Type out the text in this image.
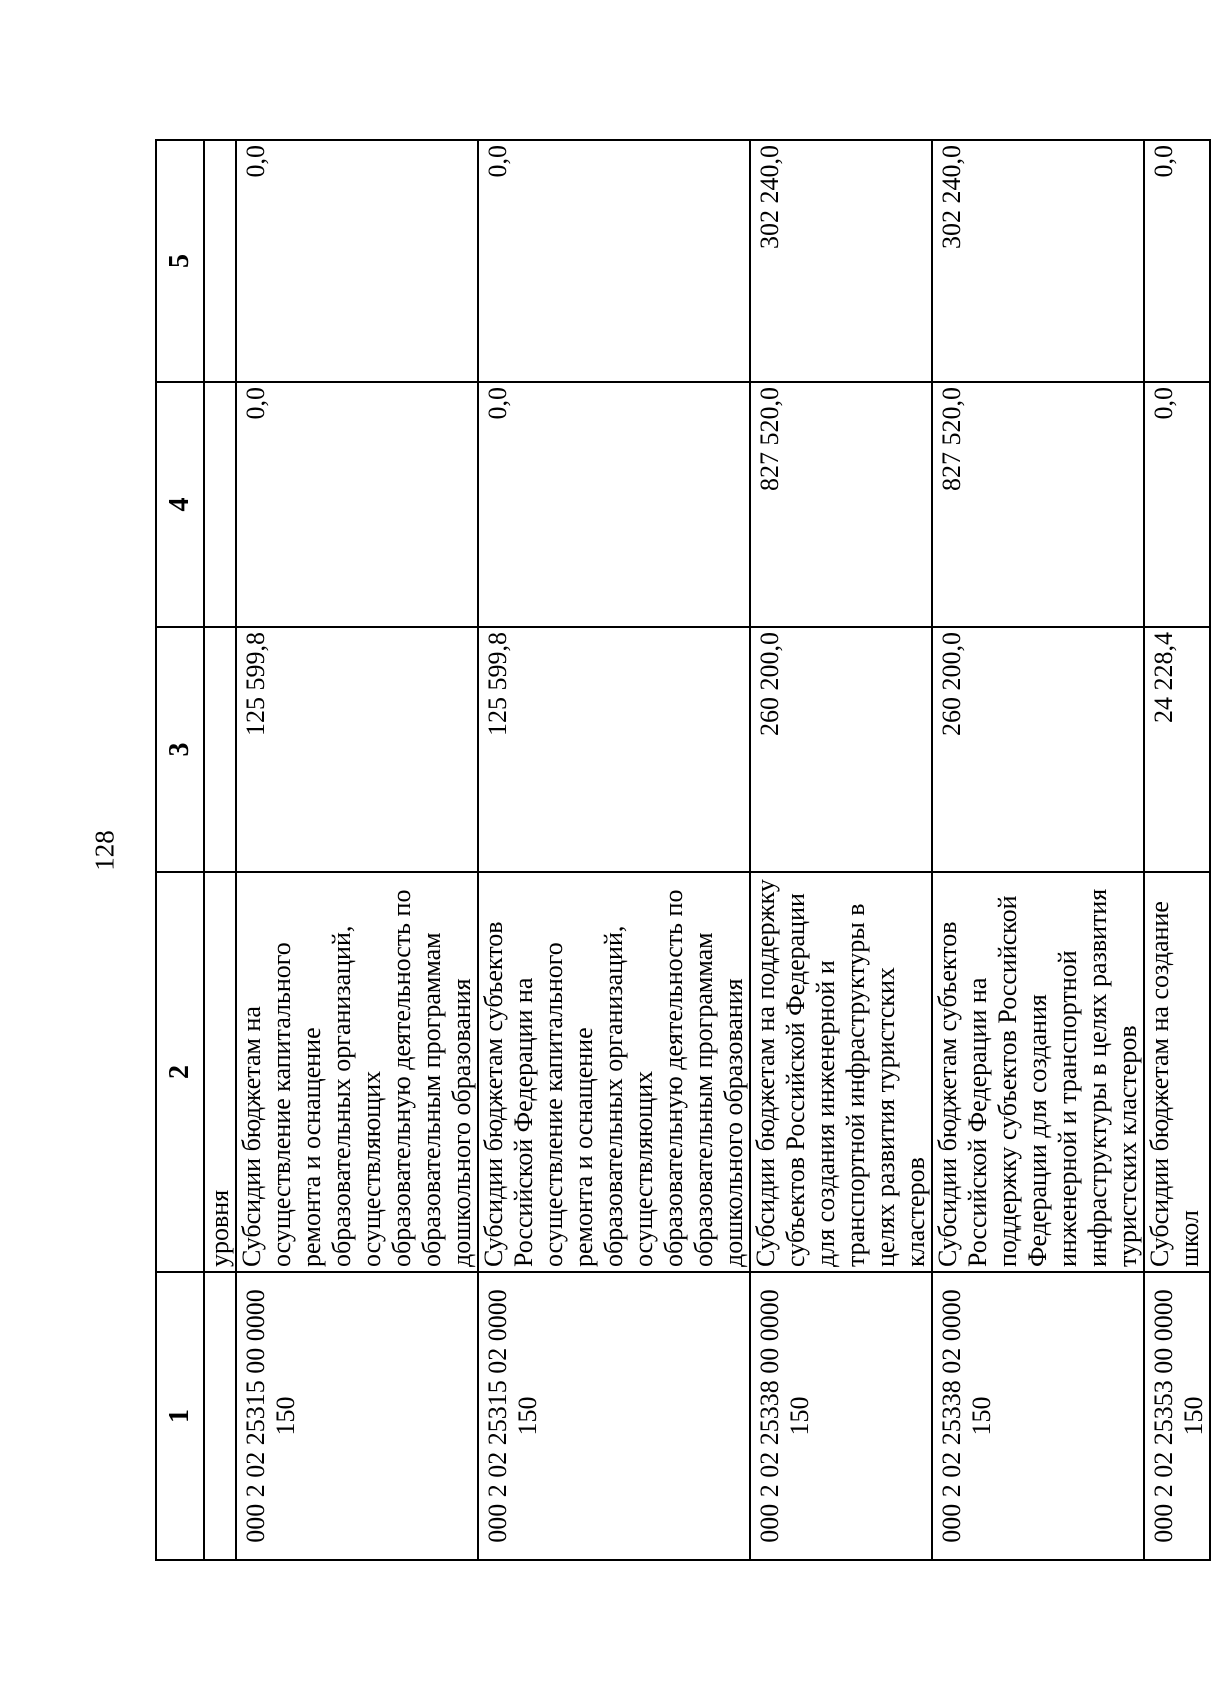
128
1	2	3	4	5
	уровня			
000 2 02 25315 00 0000 150	Субсидии бюджетам на осуществление капитального ремонта и оснащение образовательных организаций, осуществляющих образовательную деятельность по образовательным программам дошкольного образования	125 599,8	0,0	0,0
000 2 02 25315 02 0000 150	Субсидии бюджетам субъектов Российской Федерации на осуществление капитального ремонта и оснащение образовательных организаций, осуществляющих образовательную деятельность по образовательным программам дошкольного образования	125 599,8	0,0	0,0
000 2 02 25338 00 0000 150	Субсидии бюджетам на поддержку субъектов Российской Федерации для создания инженерной и транспортной инфраструктуры в целях развития туристских кластеров	260 200,0	827 520,0	302 240,0
000 2 02 25338 02 0000 150	Субсидии бюджетам субъектов Российской Федерации на поддержку субъектов Российской Федерации для создания инженерной и транспортной инфраструктуры в целях развития туристских кластеров	260 200,0	827 520,0	302 240,0
000 2 02 25353 00 0000 150	Субсидии бюджетам на создание школ	24 228,4	0,0	0,0
